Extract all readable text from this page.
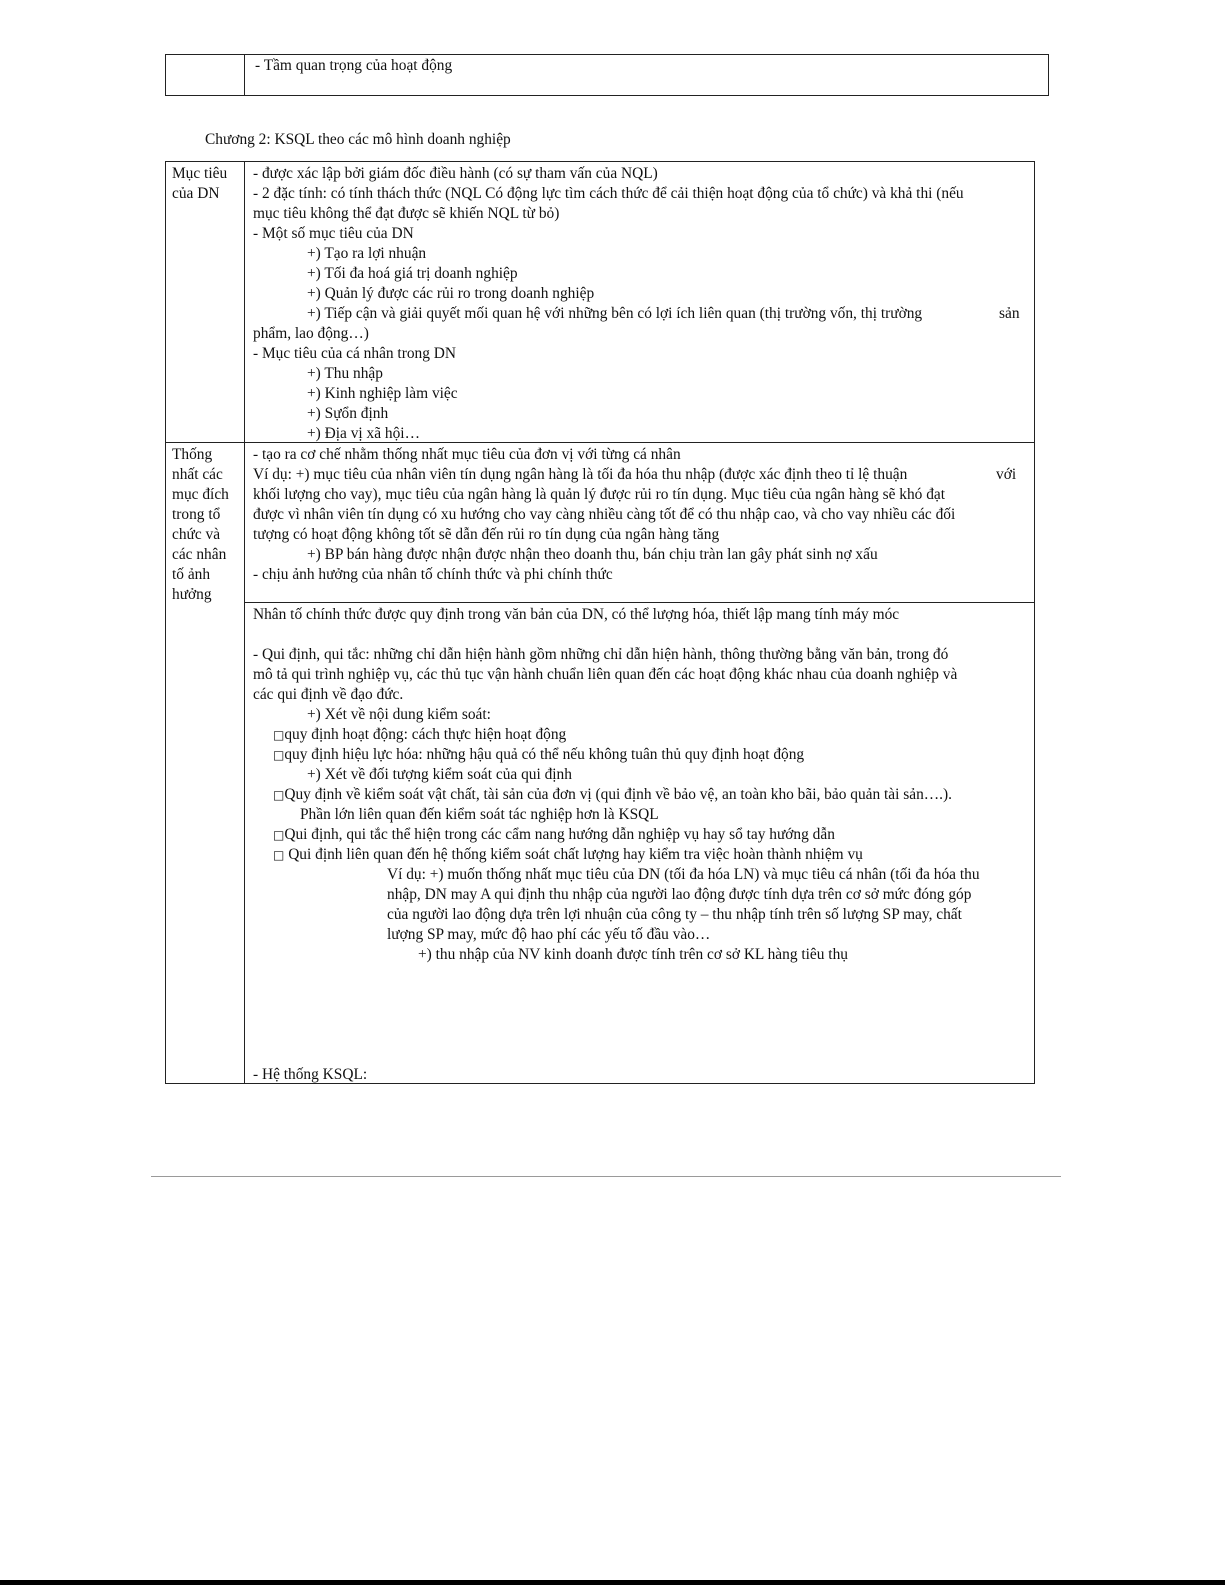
- Tầm quan trọng của hoạt động
Chương 2: KSQL theo các mô hình doanh nghiệp
Mục tiêu
của DN
- được xác lập bởi giám đốc điều hành (có sự tham vấn của NQL)
- 2 đặc tính: có tính thách thức (NQL Có động lực tìm cách thức để cải thiện hoạt động của tổ chức) và khả thi (nếu
mục tiêu không thể đạt được sẽ khiến NQL từ bỏ)
- Một số mục tiêu của DN
+) Tạo ra lợi nhuận
+) Tối đa hoá giá trị doanh nghiệp
+) Quản lý được các rủi ro trong doanh nghiệp
+) Tiếp cận và giải quyết mối quan hệ với những bên có lợi ích liên quan (thị trường vốn, thị trường	sản
phẩm, lao động…)
- Mục tiêu của cá nhân trong DN
+) Thu nhập
+) Kinh nghiệp làm việc
+) Sựổn định
+) Địa vị xã hội…
Thống
nhất các
mục đích
trong tổ
chức và
các nhân
tố ảnh
hưởng
- tạo ra cơ chế nhằm thống nhất mục tiêu của đơn vị với từng cá nhân
Ví dụ: +) mục tiêu của nhân viên tín dụng ngân hàng là tối đa hóa thu nhập (được xác định theo tỉ lệ thuận	với
khối lượng cho vay), mục tiêu của ngân hàng là quản lý được rủi ro tín dụng. Mục tiêu của ngân hàng sẽ khó đạt
được vì nhân viên tín dụng có xu hướng cho vay càng nhiều càng tốt để có thu nhập cao, và cho vay nhiều các đối
tượng có hoạt động không tốt sẽ dẫn đến rủi ro tín dụng của ngân hàng tăng
+) BP bán hàng được nhận được nhận theo doanh thu, bán chịu tràn lan gây phát sinh nợ xấu
- chịu ảnh hưởng của nhân tố chính thức và phi chính thức
Nhân tố chính thức được quy định trong văn bản của DN, có thể lượng hóa, thiết lập mang tính máy móc
- Qui định, qui tắc: những chỉ dẫn hiện hành gồm những chỉ dẫn hiện hành, thông thường bằng văn bản, trong đó
mô tả qui trình nghiệp vụ, các thủ tục vận hành chuẩn liên quan đến các hoạt động khác nhau của doanh nghiệp và
các qui định về đạo đức.
+) Xét về nội dung kiểm soát:
□quy định hoạt động: cách thực hiện hoạt động
□quy định hiệu lực hóa: những hậu quả có thể nếu không tuân thủ quy định hoạt động
+) Xét về đối tượng kiểm soát của qui định
□Quy định về kiểm soát vật chất, tài sản của đơn vị (qui định về bảo vệ, an toàn kho bãi, bảo quản tài sản….).
Phần lớn liên quan đến kiểm soát tác nghiệp hơn là KSQL
□Qui định, qui tắc thể hiện trong các cẩm nang hướng dẫn nghiệp vụ hay sổ tay hướng dẫn
□ Qui định liên quan đến hệ thống kiểm soát chất lượng hay kiểm tra việc hoàn thành nhiệm vụ
Ví dụ: +) muốn thống nhất mục tiêu của DN (tối đa hóa LN) và mục tiêu cá nhân (tối đa hóa thu
nhập, DN may A qui định thu nhập của người lao động được tính dựa trên cơ sở mức đóng góp
của người lao động dựa trên lợi nhuận của công ty – thu nhập tính trên số lượng SP may, chất
lượng SP may, mức độ hao phí các yếu tố đầu vào…
+) thu nhập của NV kinh doanh được tính trên cơ sở KL hàng tiêu thụ
- Hệ thống KSQL:
